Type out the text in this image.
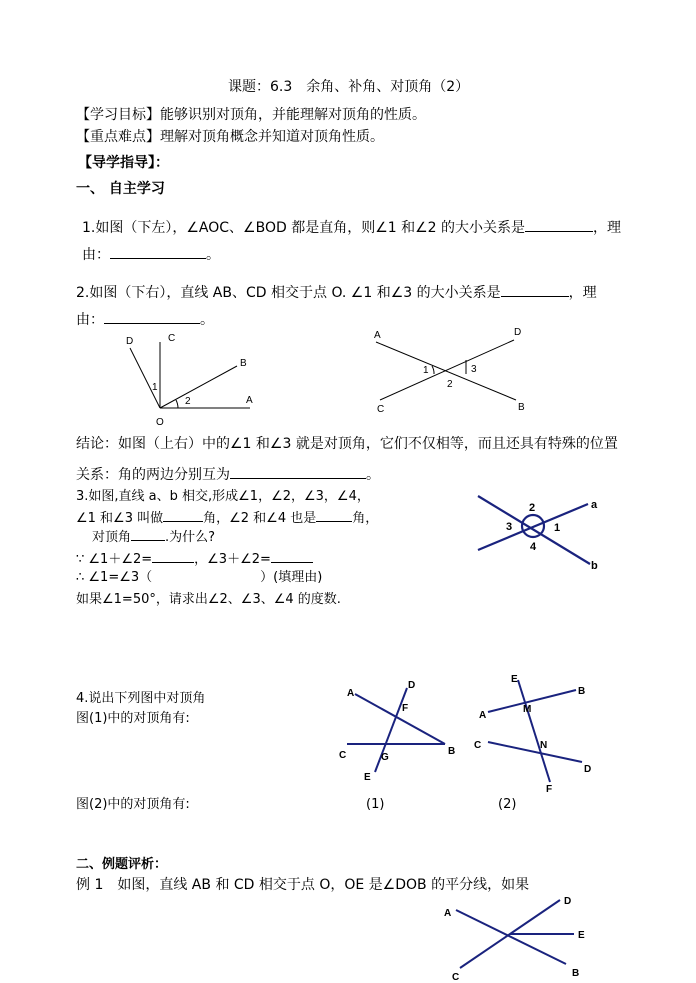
课题：6.3　余角、补角、对顶角（2）
【学习目标】能够识别对顶角，并能理解对顶角的性质。
【重点难点】理解对顶角概念并知道对顶角性质。
【导学指导】：
一、 自主学习
1.如图（下左），∠AOC、∠BOD 都是直角，则∠1 和∠2 的大小关系是	，理
由：	。
2.如图（下右），直线 AB、CD 相交于点 O. ∠1 和∠3 的大小关系是	，理
由：	。
D	C
B
A
O
1
2
A	D
C	B
1
2
3
结论：如图（上右）中的∠1 和∠3 就是对顶角，它们不仅相等，而且还具有特殊的位置
关系：角的两边分别互为	。
3.如图,直线 a、b 相交,形成∠1，∠2，∠3，∠4，
∠1 和∠3 叫做	角，∠2 和∠4 也是	角，
对顶角	.为什么?
∵ ∠1＋∠2=	，∠3＋∠2=
∴ ∠1=∠3（	）(填理由)
如果∠1=50°，请求出∠2、∠3、∠4 的度数.
a
b
1
2
3
4
4.说出下列图中对顶角
图(1)中的对顶角有:
图(2)中的对顶角有:	(1)	(2)
A
D
F
C	G
B
E
E
B
M
A
C	N
D
F
二、例题评析：
例 1　如图，直线 AB 和 CD 相交于点 O，OE 是∠DOB 的平分线，如果
A
D
E
C	B
